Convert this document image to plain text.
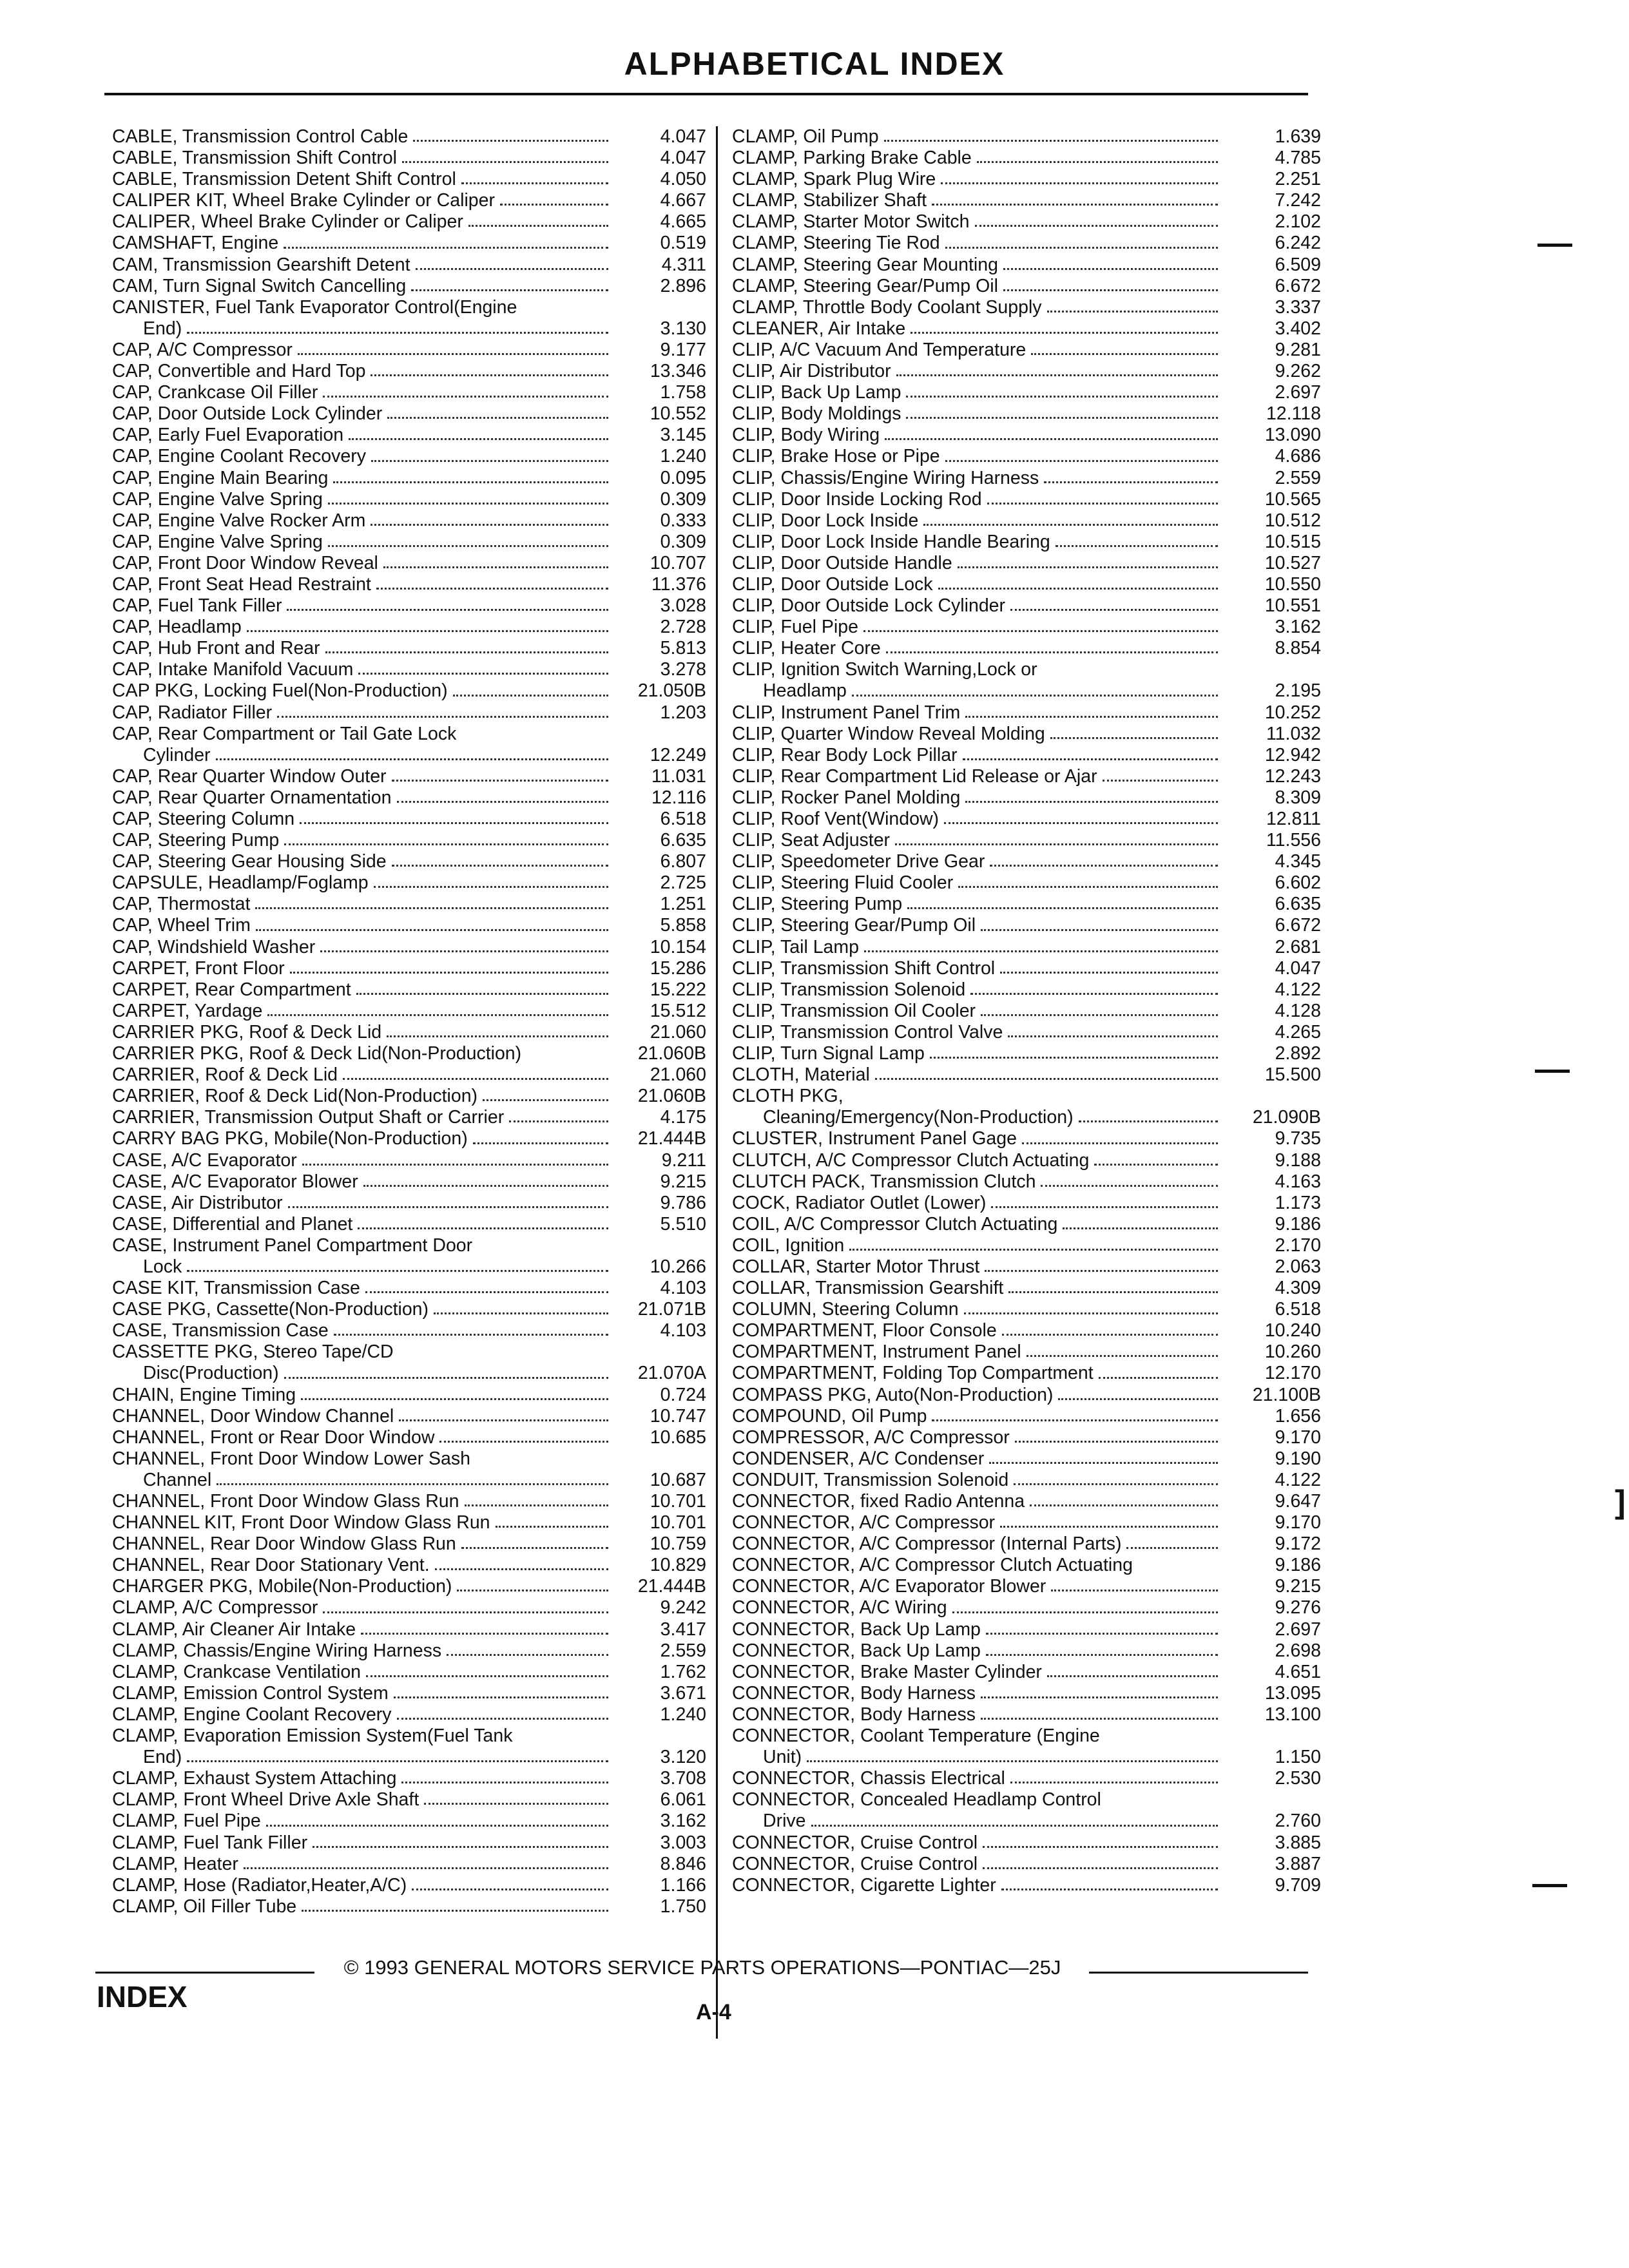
ALPHABETICAL INDEX
CABLE, Transmission Control Cable	4.047
CABLE, Transmission Shift Control	4.047
CABLE, Transmission Detent Shift Control	4.050
CALIPER KIT, Wheel Brake Cylinder or Caliper	4.667
CALIPER, Wheel Brake Cylinder or Caliper	4.665
CAMSHAFT, Engine	0.519
CAM, Transmission Gearshift Detent	4.311
CAM, Turn Signal Switch Cancelling	2.896
CANISTER, Fuel Tank Evaporator Control(Engine
End)	3.130
CAP, A/C Compressor	9.177
CAP, Convertible and Hard Top	13.346
CAP, Crankcase Oil Filler	1.758
CAP, Door Outside Lock Cylinder	10.552
CAP, Early Fuel Evaporation	3.145
CAP, Engine Coolant Recovery	1.240
CAP, Engine Main Bearing	0.095
CAP, Engine Valve Spring	0.309
CAP, Engine Valve Rocker Arm	0.333
CAP, Engine Valve Spring	0.309
CAP, Front Door Window Reveal	10.707
CAP, Front Seat Head Restraint	11.376
CAP, Fuel Tank Filler	3.028
CAP, Headlamp	2.728
CAP, Hub Front and Rear	5.813
CAP, Intake Manifold Vacuum	3.278
CAP PKG, Locking Fuel(Non-Production)	21.050B
CAP, Radiator Filler	1.203
CAP, Rear Compartment or Tail Gate Lock
Cylinder	12.249
CAP, Rear Quarter Window Outer	11.031
CAP, Rear Quarter Ornamentation	12.116
CAP, Steering Column	6.518
CAP, Steering Pump	6.635
CAP, Steering Gear Housing Side	6.807
CAPSULE, Headlamp/Foglamp	2.725
CAP, Thermostat	1.251
CAP, Wheel Trim	5.858
CAP, Windshield Washer	10.154
CARPET, Front Floor	15.286
CARPET, Rear Compartment	15.222
CARPET, Yardage	15.512
CARRIER PKG, Roof & Deck Lid	21.060
CARRIER PKG, Roof & Deck Lid(Non-Production)	21.060B
CARRIER, Roof & Deck Lid	21.060
CARRIER, Roof & Deck Lid(Non-Production)	21.060B
CARRIER, Transmission Output Shaft or Carrier	4.175
CARRY BAG PKG, Mobile(Non-Production)	21.444B
CASE, A/C Evaporator	9.211
CASE, A/C Evaporator Blower	9.215
CASE, Air Distributor	9.786
CASE, Differential and Planet	5.510
CASE, Instrument Panel Compartment Door
Lock	10.266
CASE KIT, Transmission Case	4.103
CASE PKG, Cassette(Non-Production)	21.071B
CASE, Transmission Case	4.103
CASSETTE PKG, Stereo Tape/CD
Disc(Production)	21.070A
CHAIN, Engine Timing	0.724
CHANNEL, Door Window Channel	10.747
CHANNEL, Front or Rear Door Window	10.685
CHANNEL, Front Door Window Lower Sash
Channel	10.687
CHANNEL, Front Door Window Glass Run	10.701
CHANNEL KIT, Front Door Window Glass Run	10.701
CHANNEL, Rear Door Window Glass Run	10.759
CHANNEL, Rear Door Stationary Vent.	10.829
CHARGER PKG, Mobile(Non-Production)	21.444B
CLAMP, A/C Compressor	9.242
CLAMP, Air Cleaner Air Intake	3.417
CLAMP, Chassis/Engine Wiring Harness	2.559
CLAMP, Crankcase Ventilation	1.762
CLAMP, Emission Control System	3.671
CLAMP, Engine Coolant Recovery	1.240
CLAMP, Evaporation Emission System(Fuel Tank
End)	3.120
CLAMP, Exhaust System Attaching	3.708
CLAMP, Front Wheel Drive Axle Shaft	6.061
CLAMP, Fuel Pipe	3.162
CLAMP, Fuel Tank Filler	3.003
CLAMP, Heater	8.846
CLAMP, Hose (Radiator,Heater,A/C)	1.166
CLAMP, Oil Filler Tube	1.750
CLAMP, Oil Pump	1.639
CLAMP, Parking Brake Cable	4.785
CLAMP, Spark Plug Wire	2.251
CLAMP, Stabilizer Shaft	7.242
CLAMP, Starter Motor Switch	2.102
CLAMP, Steering Tie Rod	6.242
CLAMP, Steering Gear Mounting	6.509
CLAMP, Steering Gear/Pump Oil	6.672
CLAMP, Throttle Body Coolant Supply	3.337
CLEANER, Air Intake	3.402
CLIP, A/C Vacuum And Temperature	9.281
CLIP, Air Distributor	9.262
CLIP, Back Up Lamp	2.697
CLIP, Body Moldings	12.118
CLIP, Body Wiring	13.090
CLIP, Brake Hose or Pipe	4.686
CLIP, Chassis/Engine Wiring Harness	2.559
CLIP, Door Inside Locking Rod	10.565
CLIP, Door Lock Inside	10.512
CLIP, Door Lock Inside Handle Bearing	10.515
CLIP, Door Outside Handle	10.527
CLIP, Door Outside Lock	10.550
CLIP, Door Outside Lock Cylinder	10.551
CLIP, Fuel Pipe	3.162
CLIP, Heater Core	8.854
CLIP, Ignition Switch Warning,Lock or
Headlamp	2.195
CLIP, Instrument Panel Trim	10.252
CLIP, Quarter Window Reveal Molding	11.032
CLIP, Rear Body Lock Pillar	12.942
CLIP, Rear Compartment Lid Release or Ajar	12.243
CLIP, Rocker Panel Molding	8.309
CLIP, Roof Vent(Window)	12.811
CLIP, Seat Adjuster	11.556
CLIP, Speedometer Drive Gear	4.345
CLIP, Steering Fluid Cooler	6.602
CLIP, Steering Pump	6.635
CLIP, Steering Gear/Pump Oil	6.672
CLIP, Tail Lamp	2.681
CLIP, Transmission Shift Control	4.047
CLIP, Transmission Solenoid	4.122
CLIP, Transmission Oil Cooler	4.128
CLIP, Transmission Control Valve	4.265
CLIP, Turn Signal Lamp	2.892
CLOTH, Material	15.500
CLOTH PKG,
Cleaning/Emergency(Non-Production)	21.090B
CLUSTER, Instrument Panel Gage	9.735
CLUTCH, A/C Compressor Clutch Actuating	9.188
CLUTCH PACK, Transmission Clutch	4.163
COCK, Radiator Outlet (Lower)	1.173
COIL, A/C Compressor Clutch Actuating	9.186
COIL, Ignition	2.170
COLLAR, Starter Motor Thrust	2.063
COLLAR, Transmission Gearshift	4.309
COLUMN, Steering Column	6.518
COMPARTMENT, Floor Console	10.240
COMPARTMENT, Instrument Panel	10.260
COMPARTMENT, Folding Top Compartment	12.170
COMPASS PKG, Auto(Non-Production)	21.100B
COMPOUND, Oil Pump	1.656
COMPRESSOR, A/C Compressor	9.170
CONDENSER, A/C Condenser	9.190
CONDUIT, Transmission Solenoid	4.122
CONNECTOR, fixed Radio Antenna	9.647
CONNECTOR, A/C Compressor	9.170
CONNECTOR, A/C Compressor (Internal Parts)	9.172
CONNECTOR, A/C Compressor Clutch Actuating	9.186
CONNECTOR, A/C Evaporator Blower	9.215
CONNECTOR, A/C Wiring	9.276
CONNECTOR, Back Up Lamp	2.697
CONNECTOR, Back Up Lamp	2.698
CONNECTOR, Brake Master Cylinder	4.651
CONNECTOR, Body Harness	13.095
CONNECTOR, Body Harness	13.100
CONNECTOR, Coolant Temperature (Engine
Unit)	1.150
CONNECTOR, Chassis Electrical	2.530
CONNECTOR, Concealed Headlamp Control
Drive	2.760
CONNECTOR, Cruise Control	3.885
CONNECTOR, Cruise Control	3.887
CONNECTOR, Cigarette Lighter	9.709
© 1993 GENERAL MOTORS SERVICE PARTS OPERATIONS—PONTIAC—25J
INDEX	A-4
]
